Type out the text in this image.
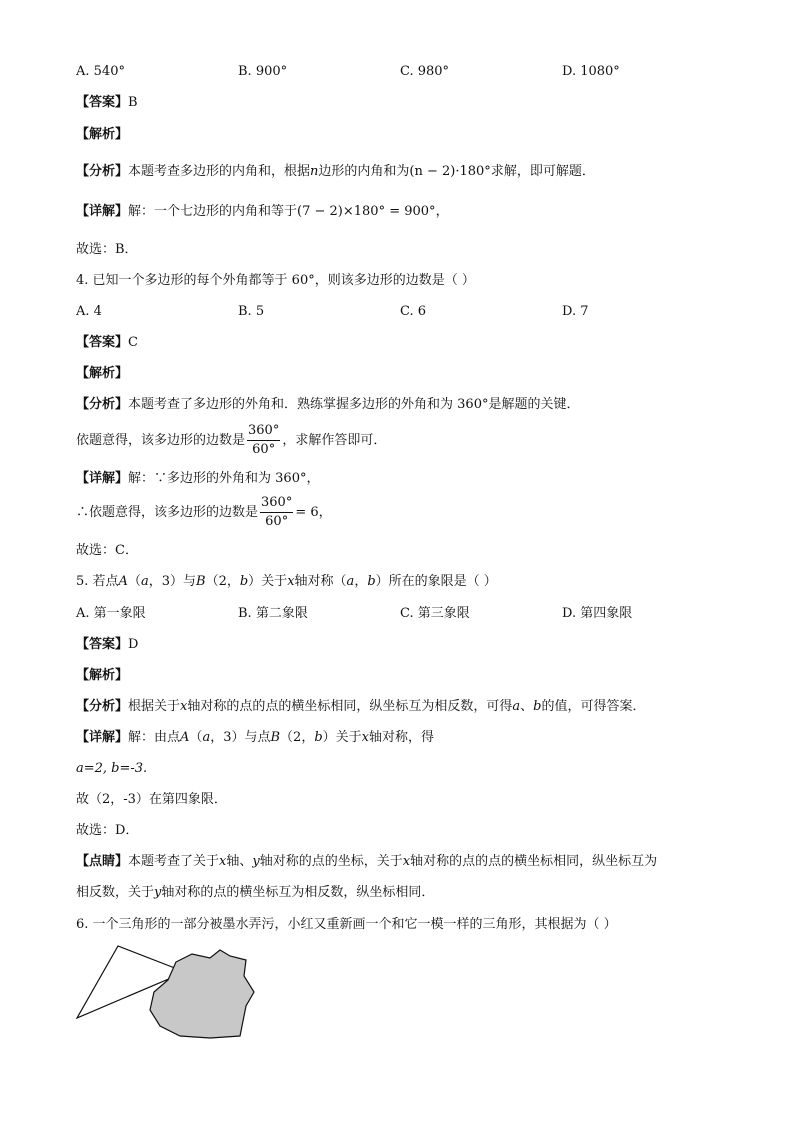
A. 540°	B. 900°	C. 980°	D. 1080°
【答案】B
【解析】
【分析】本题考查多边形的内角和，根据n边形的内角和为(n − 2)·180°求解，即可解题．
【详解】解：一个七边形的内角和等于(7 − 2)×180° = 900°，
故选：B．
4. 已知一个多边形的每个外角都等于 60°，则该多边形的边数是（ ）
A. 4	B. 5	C. 6	D. 7
【答案】C
【解析】
【分析】本题考查了多边形的外角和．熟练掌握多边形的外角和为 360°是解题的关键．
依题意得，该多边形的边数是 $\frac{360^\circ}{60^\circ}$ ，求解作答即可．
【详解】解：∵多边形的外角和为 360°，
∴依题意得，该多边形的边数是 $\frac{360^\circ}{60^\circ} = 6$，
故选：C．
5. 若点A（a，3）与B（2，b）关于x轴对称（a，b）所在的象限是（ ）
A. 第一象限	B. 第二象限	C. 第三象限	D. 第四象限
【答案】D
【解析】
【分析】根据关于x轴对称的点的点的横坐标相同，纵坐标互为相反数，可得a、b的值，可得答案．
【详解】解：由点A（a，3）与点B（2，b）关于x轴对称，得
a=2, b=-3.
故（2，-3）在第四象限．
故选：D．
【点睛】本题考查了关于x轴、y轴对称的点的坐标，关于x轴对称的点的点的横坐标相同，纵坐标互为
相反数，关于y轴对称的点的横坐标互为相反数，纵坐标相同．
6. 一个三角形的一部分被墨水弄污，小红又重新画一个和它一模一样的三角形，其根据为（ ）
